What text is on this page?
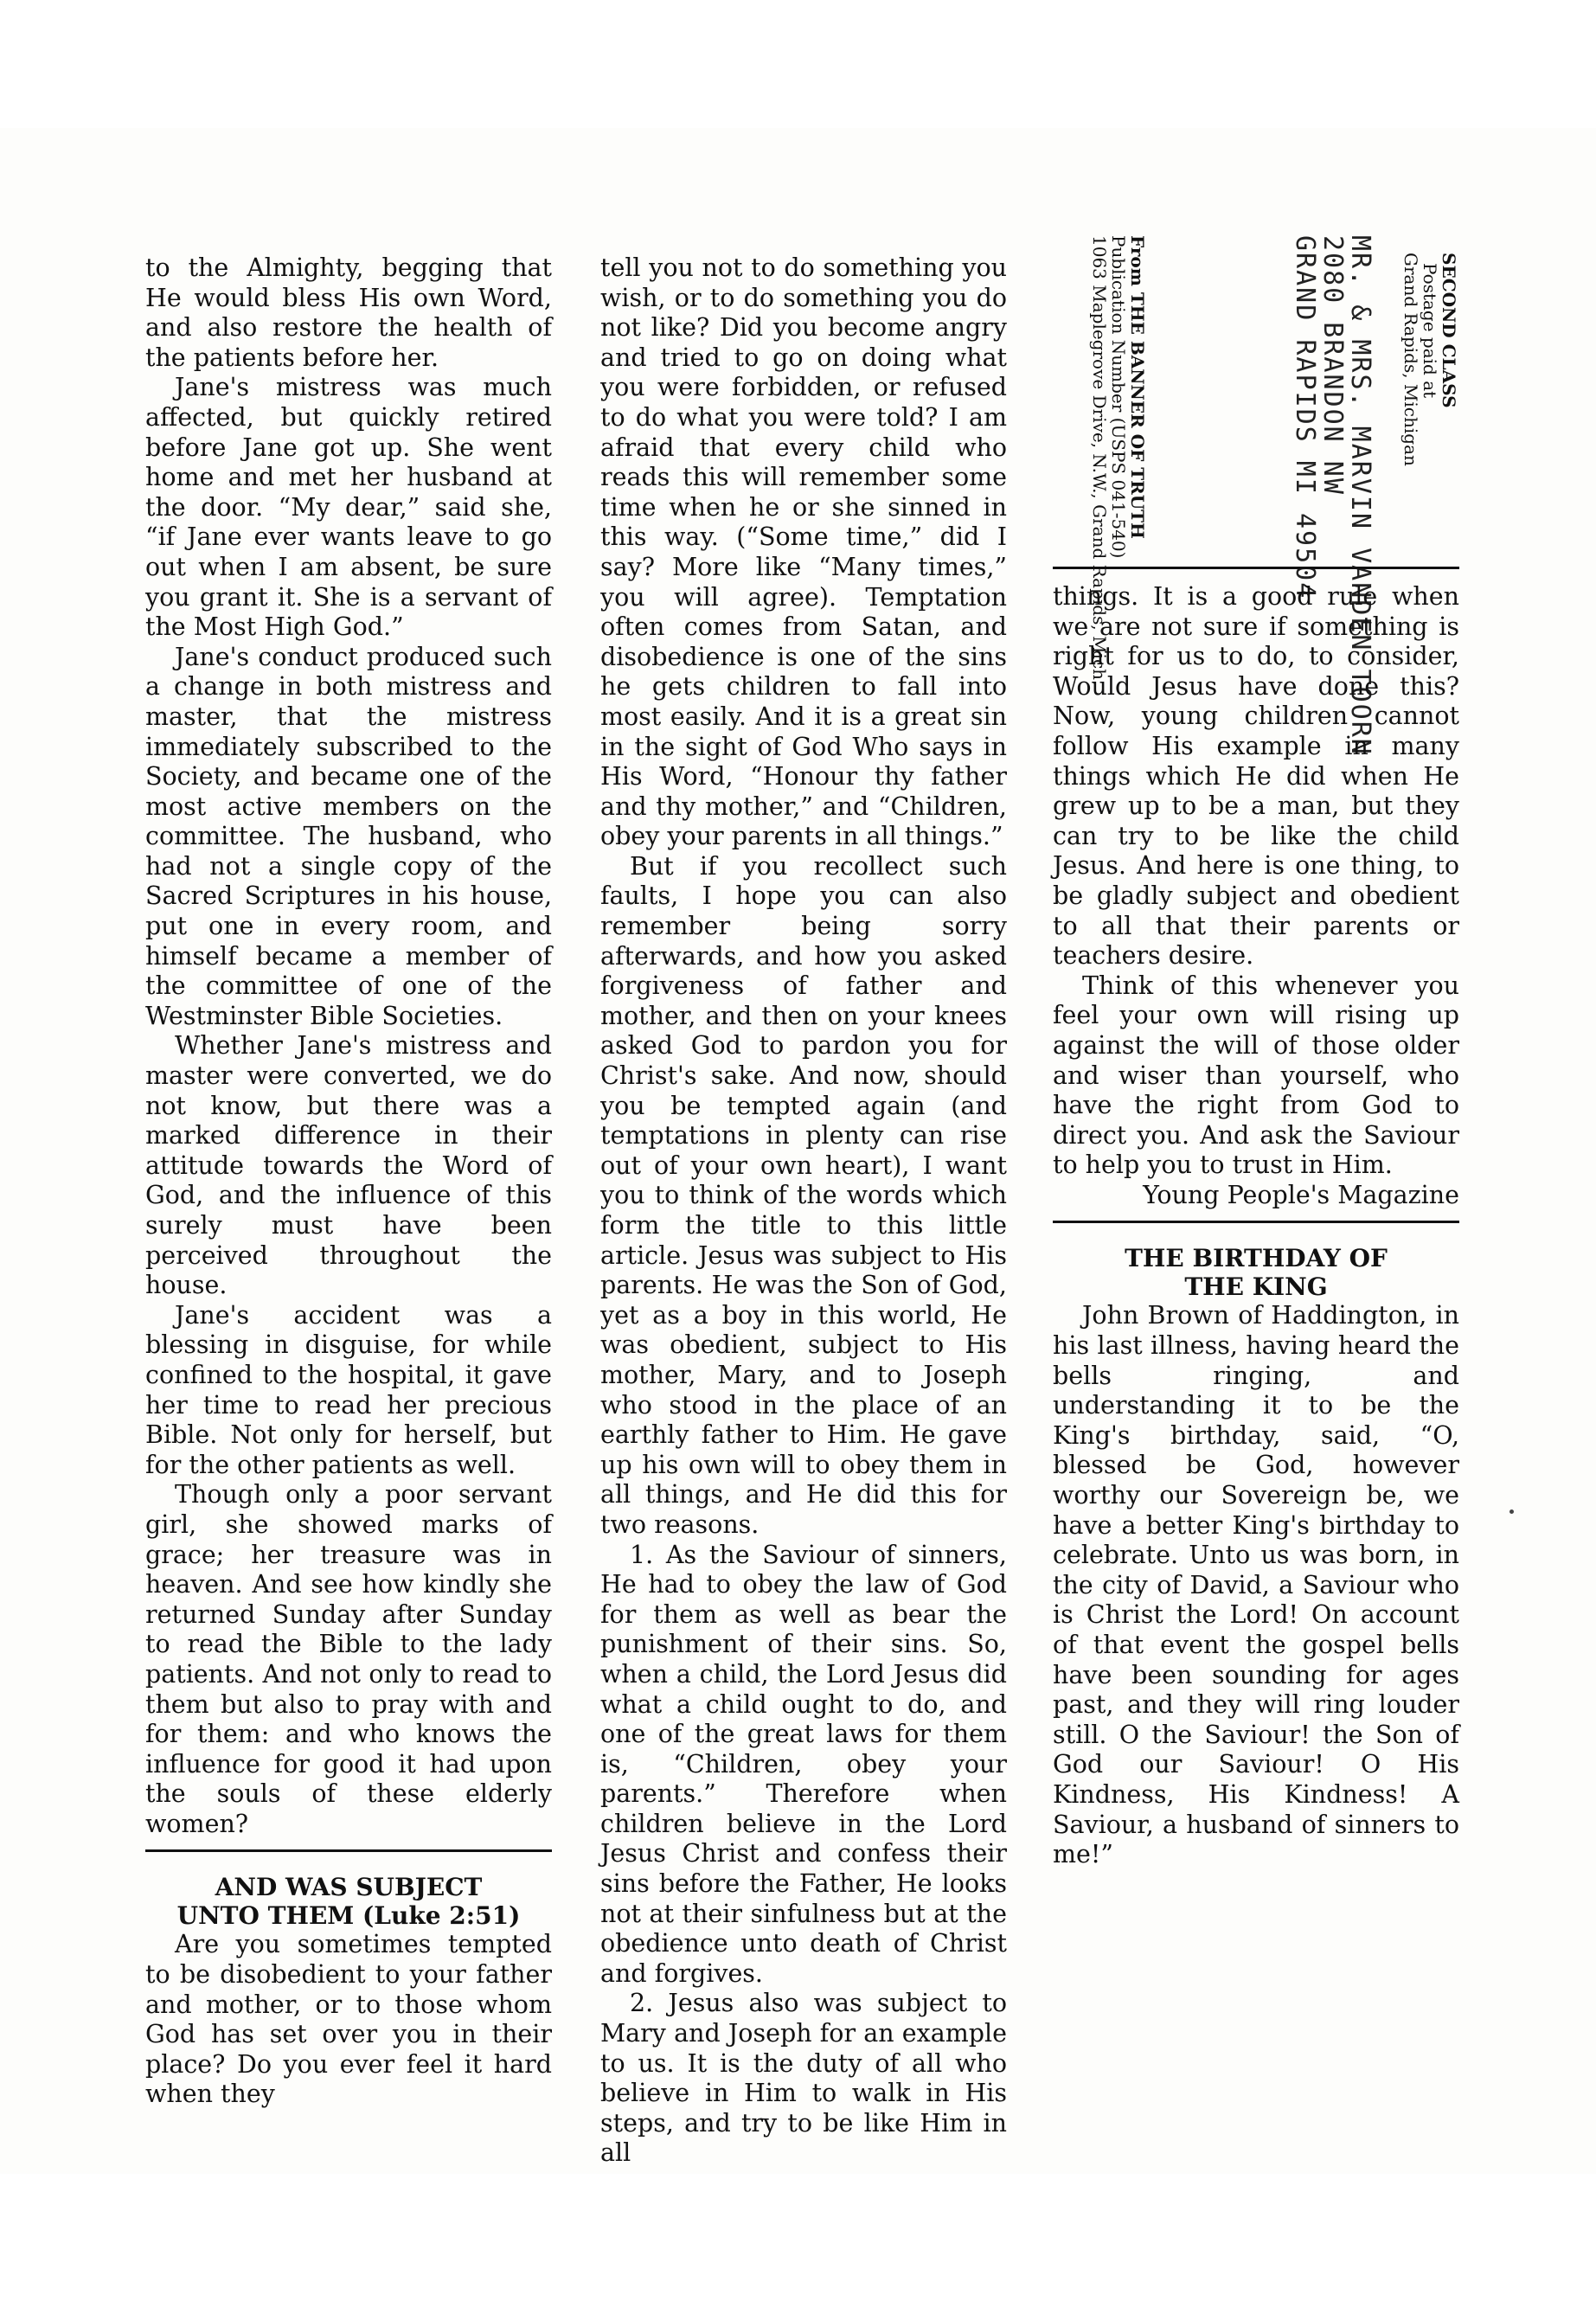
to the Almighty, begging that He would bless His own Word, and also restore the health of the patients before her.

Jane's mistress was much affected, but quickly retired before Jane got up. She went home and met her husband at the door. “My dear,” said she, “if Jane ever wants leave to go out when I am absent, be sure you grant it. She is a servant of the Most High God.”

Jane's conduct produced such a change in both mistress and master, that the mistress immediately subscribed to the Society, and became one of the most active members on the committee. The husband, who had not a single copy of the Sacred Scriptures in his house, put one in every room, and himself became a member of the committee of one of the Westminster Bible Societies.

Whether Jane's mistress and master were converted, we do not know, but there was a marked difference in their attitude towards the Word of God, and the influence of this surely must have been perceived throughout the house.

Jane's accident was a blessing in disguise, for while confined to the hospital, it gave her time to read her precious Bible. Not only for herself, but for the other patients as well.

Though only a poor servant girl, she showed marks of grace; her treasure was in heaven. And see how kindly she returned Sunday after Sunday to read the Bible to the lady patients. And not only to read to them but also to pray with and for them: and who knows the influence for good it had upon the souls of these elderly women?

AND WAS SUBJECT
UNTO THEM (Luke 2:51)

Are you sometimes tempted to be disobedient to your father and mother, or to those whom God has set over you in their place? Do you ever feel it hard when they

tell you not to do something you wish, or to do something you do not like? Did you become angry and tried to go on doing what you were forbidden, or refused to do what you were told? I am afraid that every child who reads this will remember some time when he or she sinned in this way. (“Some time,” did I say? More like “Many times,” you will agree). Temptation often comes from Satan, and disobedience is one of the sins he gets children to fall into most easily. And it is a great sin in the sight of God Who says in His Word, “Honour thy father and thy mother,” and “Children, obey your parents in all things.”

But if you recollect such faults, I hope you can also remember being sorry afterwards, and how you asked forgiveness of father and mother, and then on your knees asked God to pardon you for Christ's sake. And now, should you be tempted again (and temptations in plenty can rise out of your own heart), I want you to think of the words which form the title to this little article. Jesus was subject to His parents. He was the Son of God, yet as a boy in this world, He was obedient, subject to His mother, Mary, and to Joseph who stood in the place of an earthly father to Him. He gave up his own will to obey them in all things, and He did this for two reasons.

1. As the Saviour of sinners, He had to obey the law of God for them as well as bear the punishment of their sins. So, when a child, the Lord Jesus did what a child ought to do, and one of the great laws for them is, “Children, obey your parents.” Therefore when children believe in the Lord Jesus Christ and confess their sins before the Father, He looks not at their sinfulness but at the obedience unto death of Christ and forgives.

2. Jesus also was subject to Mary and Joseph for an example to us. It is the duty of all who believe in Him to walk in His steps, and try to be like Him in all

SECOND CLASS
Postage paid at
Grand Rapids, Michigan
MR. & MRS. MARVIN VANDEN TOORN
2080 BRANDON NW
GRAND RAPIDS MI 49504
From THE BANNER OF TRUTH
Publication Number (USPS 041-540)
1063 Maplegrove Drive, N.W., Grand Rapids, Mich.

things. It is a good rule when we are not sure if something is right for us to do, to consider, Would Jesus have done this? Now, young children cannot follow His example in many things which He did when He grew up to be a man, but they can try to be like the child Jesus. And here is one thing, to be gladly subject and obedient to all that their parents or teachers desire.

Think of this whenever you feel your own will rising up against the will of those older and wiser than yourself, who have the right from God to direct you. And ask the Saviour to help you to trust in Him.

Young People's Magazine

THE BIRTHDAY OF
THE KING

John Brown of Haddington, in his last illness, having heard the bells ringing, and understanding it to be the King's birthday, said, “O, blessed be God, however worthy our Sovereign be, we have a better King's birthday to celebrate. Unto us was born, in the city of David, a Saviour who is Christ the Lord! On account of that event the gospel bells have been sounding for ages past, and they will ring louder still. O the Saviour! the Son of God our Saviour! O His Kindness, His Kindness! A Saviour, a husband of sinners to me!”
